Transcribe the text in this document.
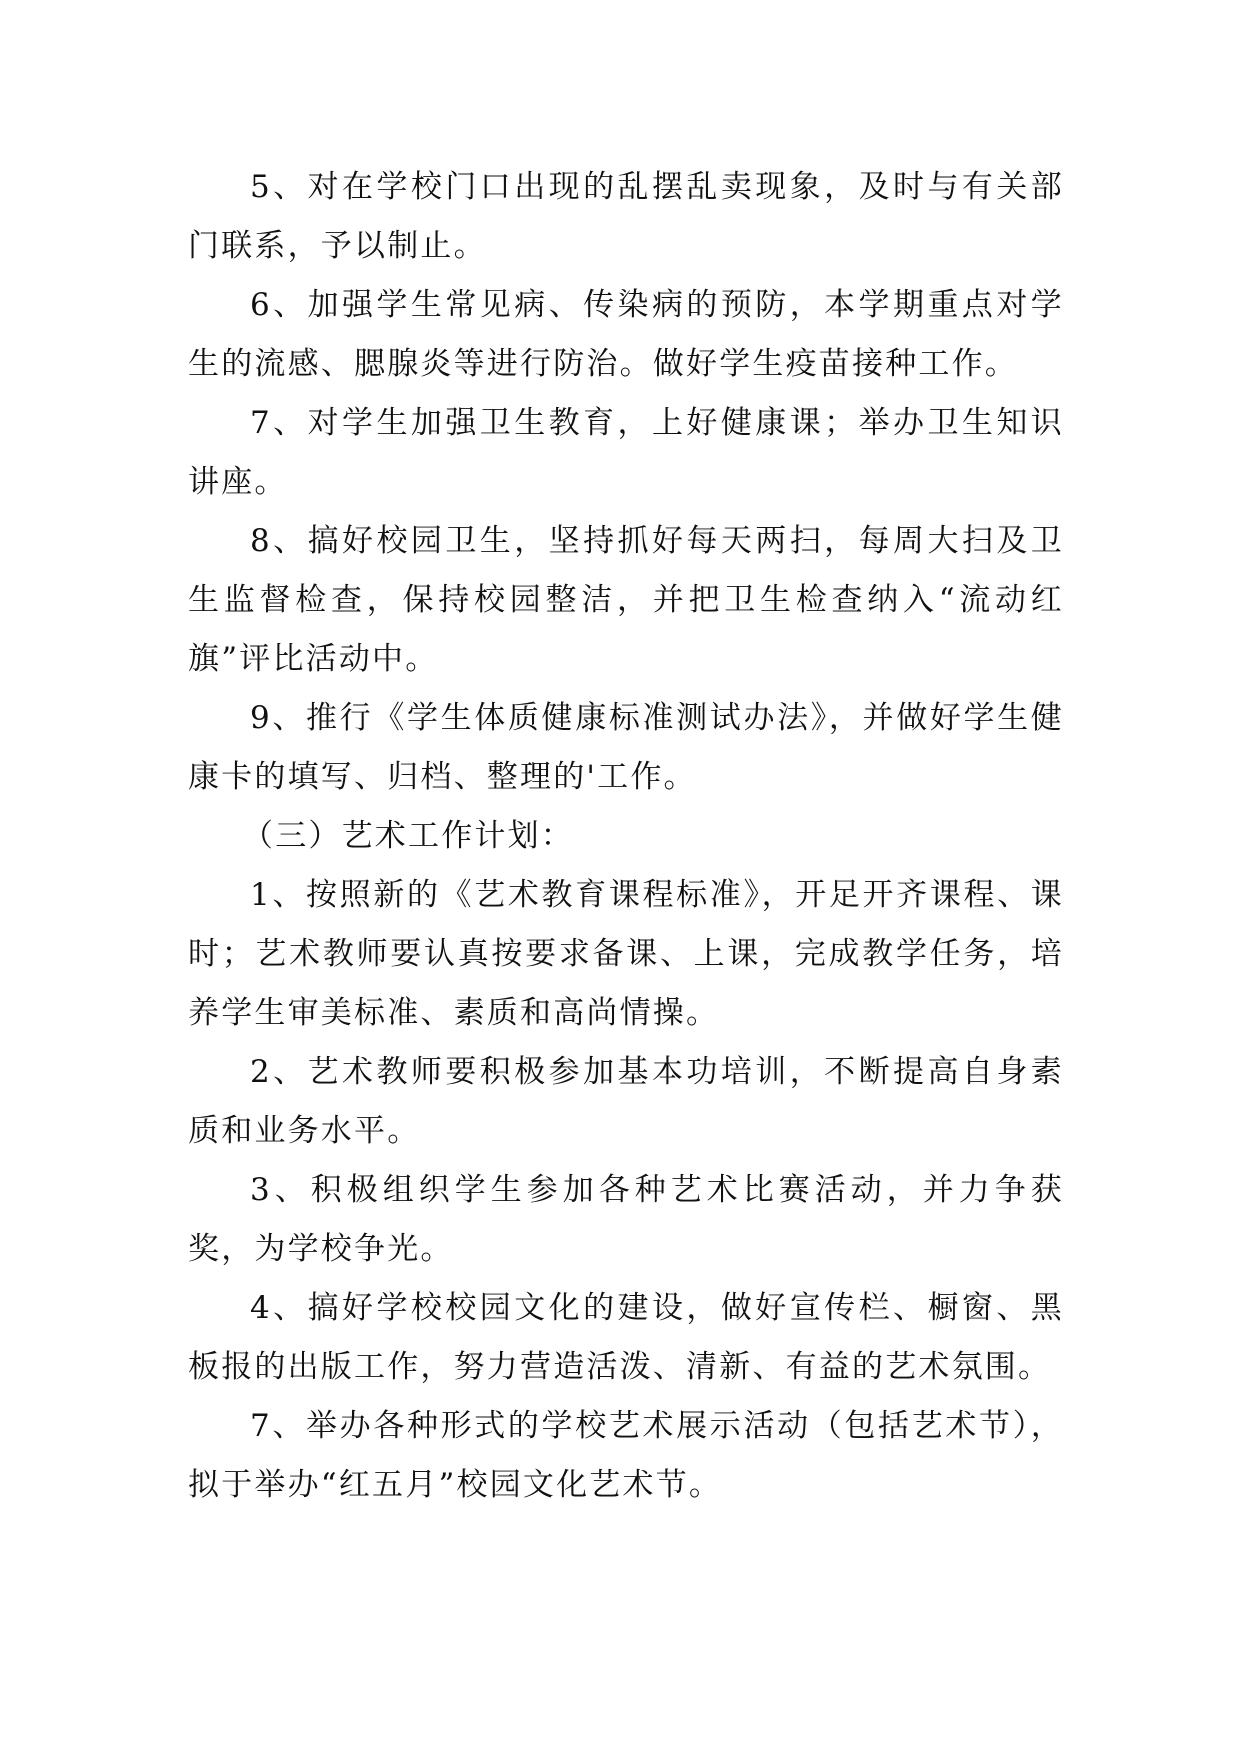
5、对在学校门口出现的乱摆乱卖现象，及时与有关部门联系，予以制止。

6、加强学生常见病、传染病的预防，本学期重点对学生的流感、腮腺炎等进行防治。做好学生疫苗接种工作。

7、对学生加强卫生教育，上好健康课；举办卫生知识讲座。

8、搞好校园卫生，坚持抓好每天两扫，每周大扫及卫生监督检查，保持校园整洁，并把卫生检查纳入“流动红旗”评比活动中。

9、推行《学生体质健康标准测试办法》，并做好学生健康卡的填写、归档、整理的'工作。

（三）艺术工作计划：

1、按照新的《艺术教育课程标准》，开足开齐课程、课时；艺术教师要认真按要求备课、上课，完成教学任务，培养学生审美标准、素质和高尚情操。

2、艺术教师要积极参加基本功培训，不断提高自身素质和业务水平。

3、积极组织学生参加各种艺术比赛活动，并力争获奖，为学校争光。

4、搞好学校校园文化的建设，做好宣传栏、橱窗、黑板报的出版工作，努力营造活泼、清新、有益的艺术氛围。

7、举办各种形式的学校艺术展示活动（包括艺术节），拟于举办“红五月”校园文化艺术节。
